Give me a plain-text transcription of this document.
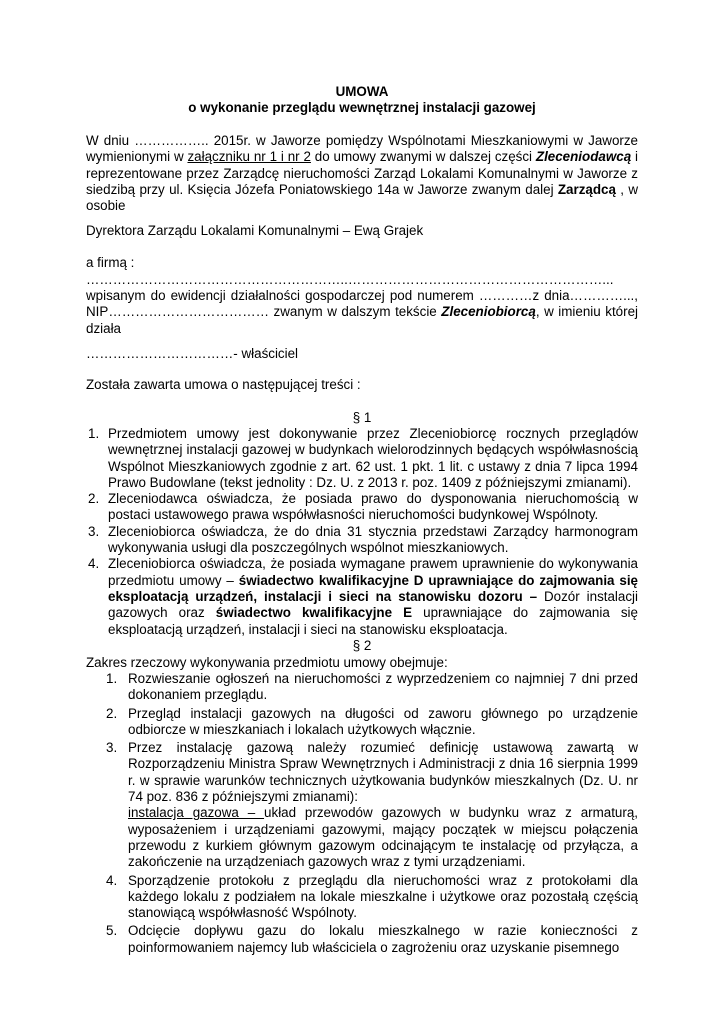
UMOWA
o wykonanie przeglądu wewnętrznej instalacji gazowej
W dniu …………….. 2015r. w Jaworze pomiędzy Wspólnotami Mieszkaniowymi w Jaworze wymienionymi w załączniku nr 1 i nr 2 do umowy zwanymi w dalszej części Zleceniodawcą i reprezentowane przez Zarządcę nieruchomości Zarząd Lokalami Komunalnymi w Jaworze z siedzibą przy ul. Księcia Józefa Poniatowskiego 14a w Jaworze zwanym dalej Zarządcą , w osobie
Dyrektora Zarządu Lokalami Komunalnymi – Ewą Grajek
a firmą :
…………………………………………………..…………………………………………………...
wpisanym do ewidencji działalności gospodarczej pod numerem …………z dnia…………..., NIP……………………………… zwanym w dalszym tekście Zleceniobiorcą, w imieniu której działa
……………………………- właściciel
Została zawarta umowa o następującej treści :
§ 1
1. Przedmiotem umowy jest dokonywanie przez Zleceniobiorcę rocznych przeglądów wewnętrznej instalacji gazowej w budynkach wielorodzinnych będących współwłasnością Wspólnot Mieszkaniowych zgodnie z art. 62 ust. 1 pkt. 1 lit. c ustawy z dnia 7 lipca 1994 Prawo Budowlane (tekst jednolity : Dz. U. z 2013 r. poz. 1409 z późniejszymi zmianami).
2. Zleceniodawca oświadcza, że posiada prawo do dysponowania nieruchomością w postaci ustawowego prawa współwłasności nieruchomości budynkowej Wspólnoty.
3. Zleceniobiorca oświadcza, że do dnia 31 stycznia przedstawi Zarządcy harmonogram wykonywania usługi dla poszczególnych wspólnot mieszkaniowych.
4. Zleceniobiorca oświadcza, że posiada wymagane prawem uprawnienie do wykonywania przedmiotu umowy – świadectwo kwalifikacyjne D uprawniające do zajmowania się eksploatacją urządzeń, instalacji i sieci na stanowisku dozoru – Dozór instalacji gazowych oraz świadectwo kwalifikacyjne E uprawniające do zajmowania się eksploatacją urządzeń, instalacji i sieci na stanowisku eksploatacja.
§ 2
Zakres rzeczowy wykonywania przedmiotu umowy obejmuje:
1. Rozwieszanie ogłoszeń na nieruchomości z wyprzedzeniem co najmniej 7 dni przed dokonaniem przeglądu.
2. Przegląd instalacji gazowych na długości od zaworu głównego po urządzenie odbiorcze w mieszkaniach i lokalach użytkowych włącznie.
3. Przez instalację gazową należy rozumieć definicję ustawową zawartą w Rozporządzeniu Ministra Spraw Wewnętrznych i Administracji z dnia 16 sierpnia 1999 r. w sprawie warunków technicznych użytkowania budynków mieszkalnych (Dz. U. nr 74 poz. 836 z późniejszymi zmianami):
instalacja gazowa – układ przewodów gazowych w budynku wraz z armaturą, wyposażeniem i urządzeniami gazowymi, mający początek w miejscu połączenia przewodu z kurkiem głównym gazowym odcinającym te instalację od przyłącza, a zakończenie na urządzeniach gazowych wraz z tymi urządzeniami.
4. Sporządzenie protokołu z przeglądu dla nieruchomości wraz z protokołami dla każdego lokalu z podziałem na lokale mieszkalne i użytkowe oraz pozostałą częścią stanowiącą współwłasność Wspólnoty.
5. Odcięcie dopływu gazu do lokalu mieszkalnego w razie konieczności z poinformowaniem najemcy lub właściciela o zagrożeniu oraz uzyskanie pisemnego
